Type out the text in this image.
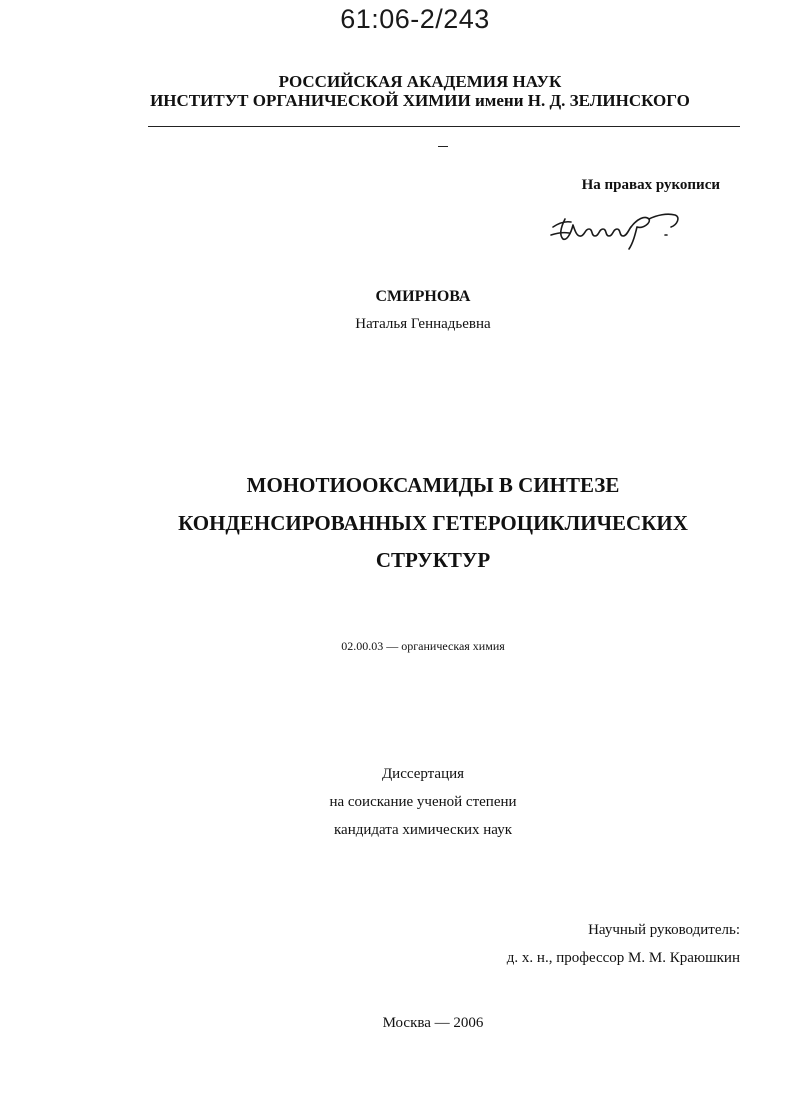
61:06-2/243
РОССИЙСКАЯ АКАДЕМИЯ НАУК
ИНСТИТУТ ОРГАНИЧЕСКОЙ ХИМИИ имени Н. Д. ЗЕЛИНСКОГО
На правах рукописи
СМИРНОВА
Наталья Геннадьевна
МОНОТИООКСАМИДЫ В СИНТЕЗЕ
КОНДЕНСИРОВАННЫХ ГЕТЕРОЦИКЛИЧЕСКИХ
СТРУКТУР
02.00.03 — органическая химия
Диссертация
на соискание ученой степени
кандидата химических наук
Научный руководитель:
д. х. н., профессор М. М. Краюшкин
Москва — 2006
